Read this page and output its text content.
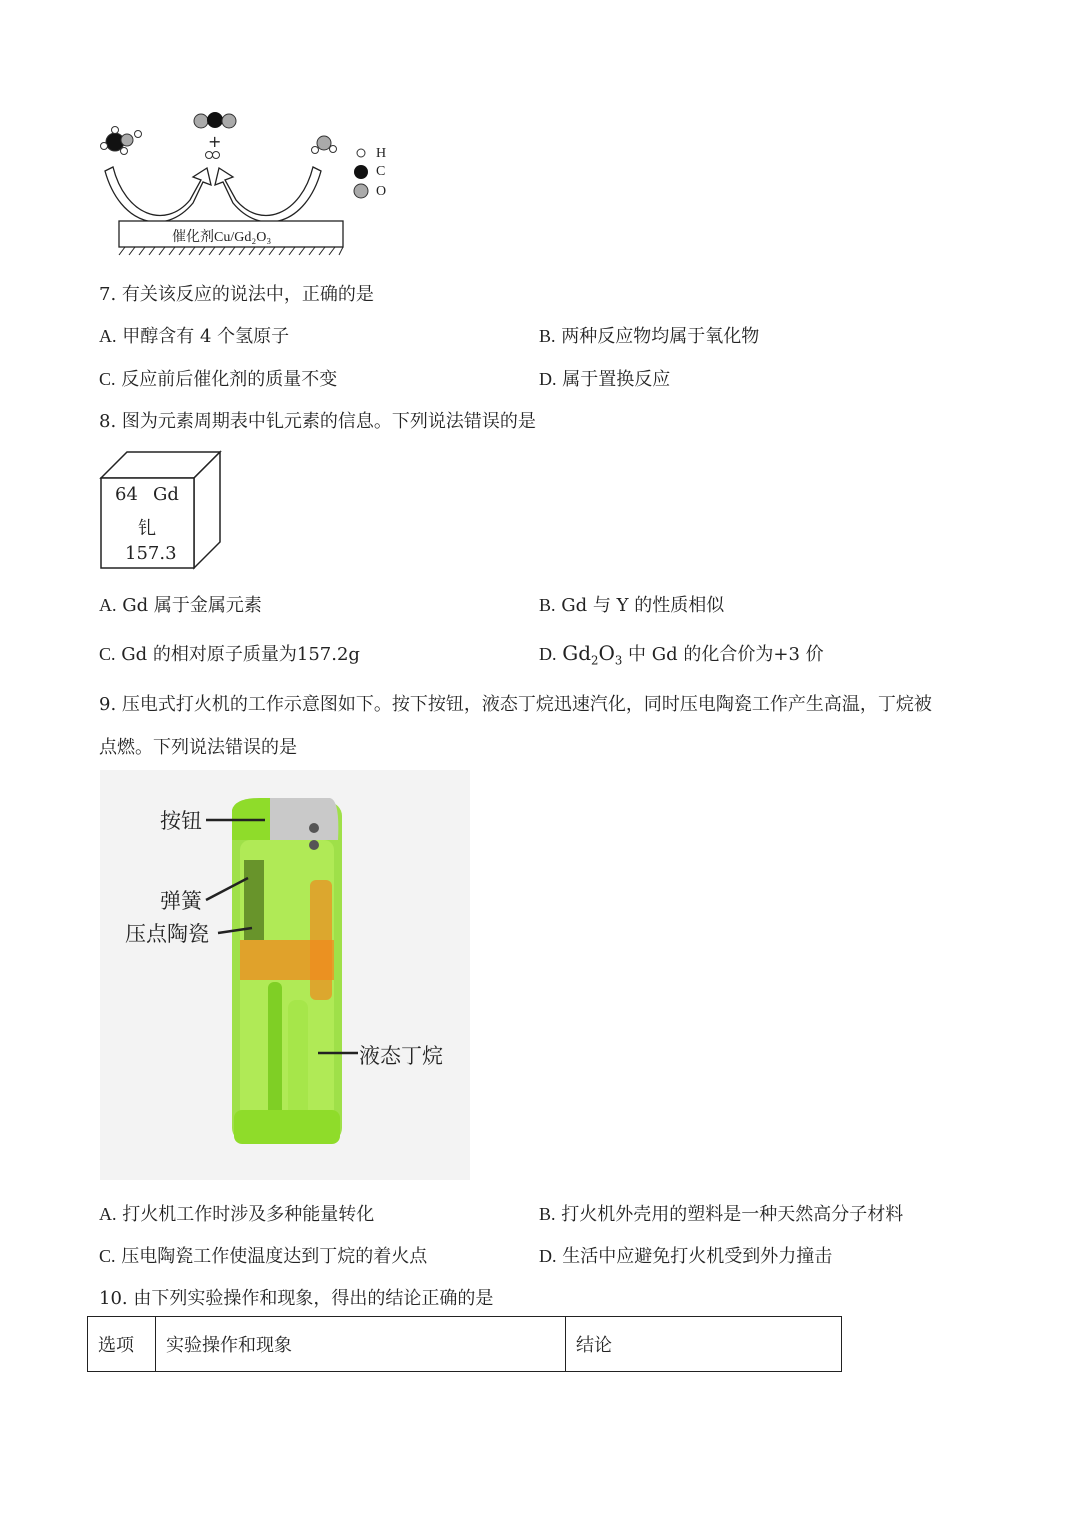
+
催化剂Cu/Gd₂O₃
H
C
O
7. 有关该反应的说法中，正确的是
A. 甲醇含有 4 个氢原子	B. 两种反应物均属于氧化物
C. 反应前后催化剂的质量不变	D. 属于置换反应
8. 图为元素周期表中钆元素的信息。下列说法错误的是
64 Gd
钆
157.3
A. Gd 属于金属元素	B. Gd 与 Y 的性质相似
C. Gd 的相对原子质量为157.2g	D. $Gd_2O_3$ 中 Gd 的化合价为+3 价
9. 压电式打火机的工作示意图如下。按下按钮，液态丁烷迅速汽化，同时压电陶瓷工作产生高温，丁烷被
点燃。下列说法错误的是
按钮
弹簧
压点陶瓷
液态丁烷
A. 打火机工作时涉及多种能量转化	B. 打火机外壳用的塑料是一种天然高分子材料
C. 压电陶瓷工作使温度达到丁烷的着火点	D. 生活中应避免打火机受到外力撞击
10. 由下列实验操作和现象，得出的结论正确的是
选项	实验操作和现象	结论
